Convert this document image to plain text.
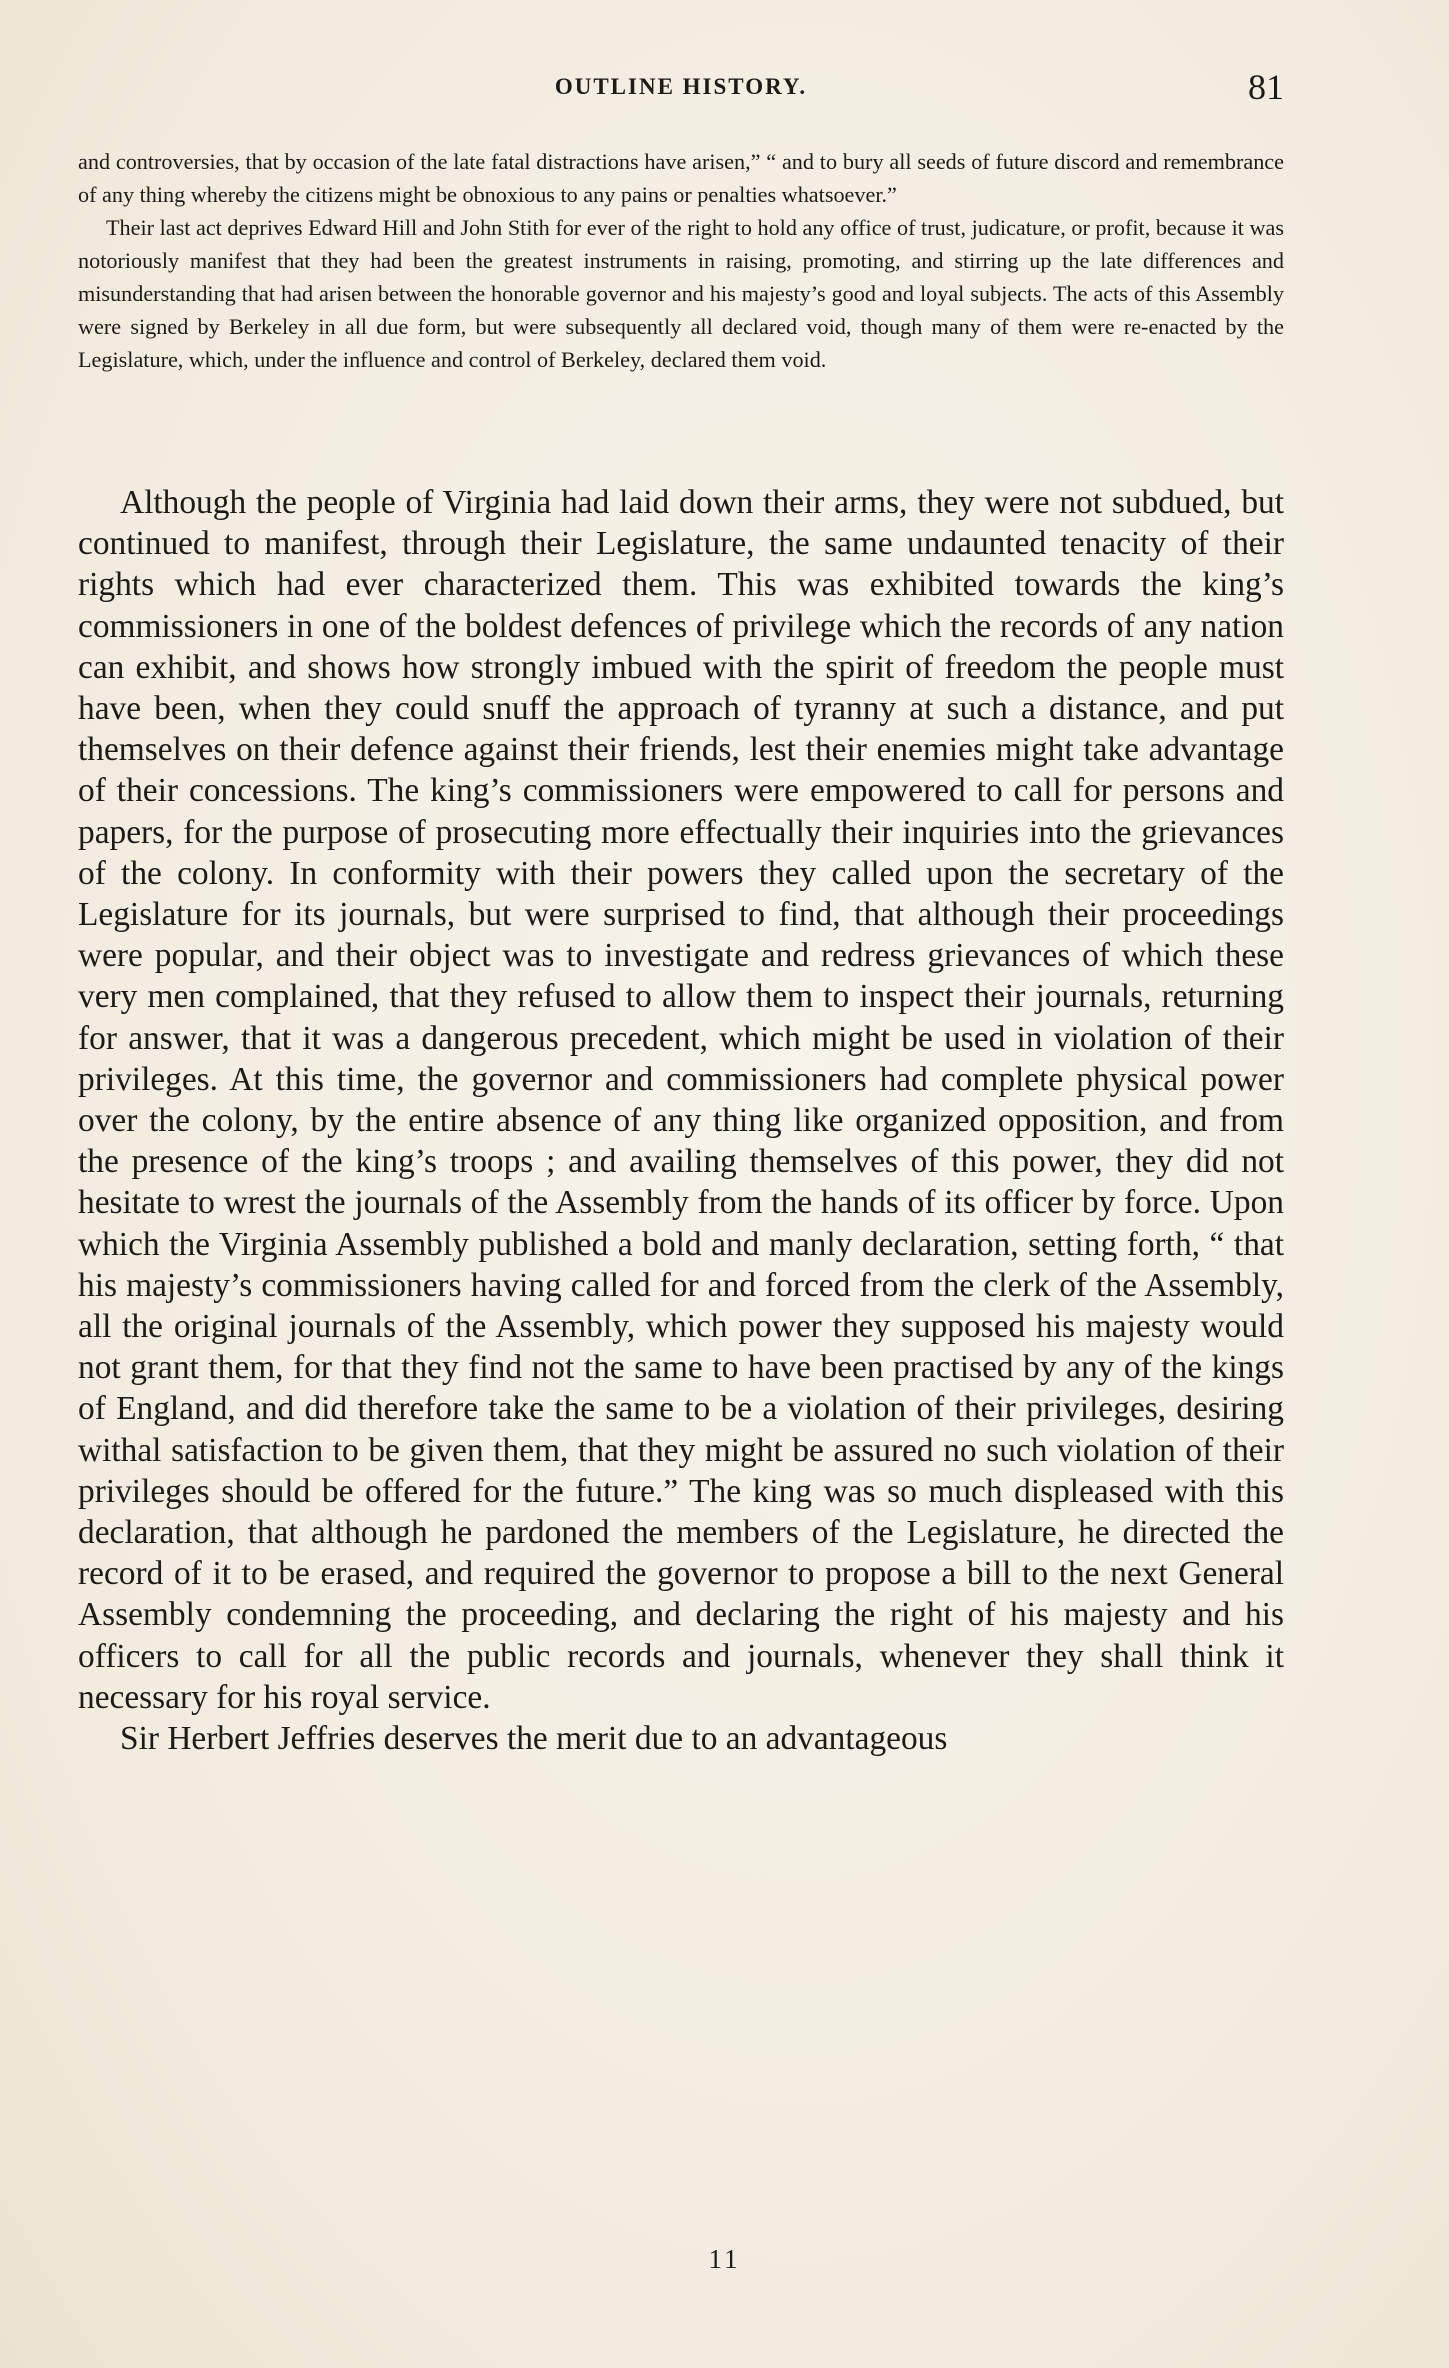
OUTLINE HISTORY.	81

and controversies, that by occasion of the late fatal distractions have arisen,” “ and to bury all seeds of future discord and remembrance of any thing whereby the citizens might be obnoxious to any pains or penalties whatsoever.”

Their last act deprives Edward Hill and John Stith for ever of the right to hold any office of trust, judicature, or profit, because it was notoriously manifest that they had been the greatest instruments in raising, promoting, and stirring up the late differences and misunderstanding that had arisen between the honorable governor and his majesty’s good and loyal subjects. The acts of this Assembly were signed by Berkeley in all due form, but were subsequently all declared void, though many of them were re-enacted by the Legislature, which, under the influence and control of Berkeley, declared them void.

Although the people of Virginia had laid down their arms, they were not subdued, but continued to manifest, through their Legislature, the same undaunted tenacity of their rights which had ever characterized them. This was exhibited towards the king’s commissioners in one of the boldest defences of privilege which the records of any nation can exhibit, and shows how strongly imbued with the spirit of freedom the people must have been, when they could snuff the approach of tyranny at such a distance, and put themselves on their defence against their friends, lest their enemies might take advantage of their concessions. The king’s commissioners were empowered to call for persons and papers, for the purpose of prosecuting more effectually their inquiries into the grievances of the colony. In conformity with their powers they called upon the secretary of the Legislature for its journals, but were surprised to find, that although their proceedings were popular, and their object was to investigate and redress grievances of which these very men complained, that they refused to allow them to inspect their journals, returning for answer, that it was a dangerous precedent, which might be used in violation of their privileges. At this time, the governor and commissioners had complete physical power over the colony, by the entire absence of any thing like organized opposition, and from the presence of the king’s troops ; and availing themselves of this power, they did not hesitate to wrest the journals of the Assembly from the hands of its officer by force. Upon which the Virginia Assembly published a bold and manly declaration, setting forth, “ that his majesty’s commissioners having called for and forced from the clerk of the Assembly, all the original journals of the Assembly, which power they supposed his majesty would not grant them, for that they find not the same to have been practised by any of the kings of England, and did therefore take the same to be a violation of their privileges, desiring withal satisfaction to be given them, that they might be assured no such violation of their privileges should be offered for the future.” The king was so much displeased with this declaration, that although he pardoned the members of the Legislature, he directed the record of it to be erased, and required the governor to propose a bill to the next General Assembly condemning the proceeding, and declaring the right of his majesty and his officers to call for all the public records and journals, whenever they shall think it necessary for his royal service.

Sir Herbert Jeffries deserves the merit due to an advantageous

11
